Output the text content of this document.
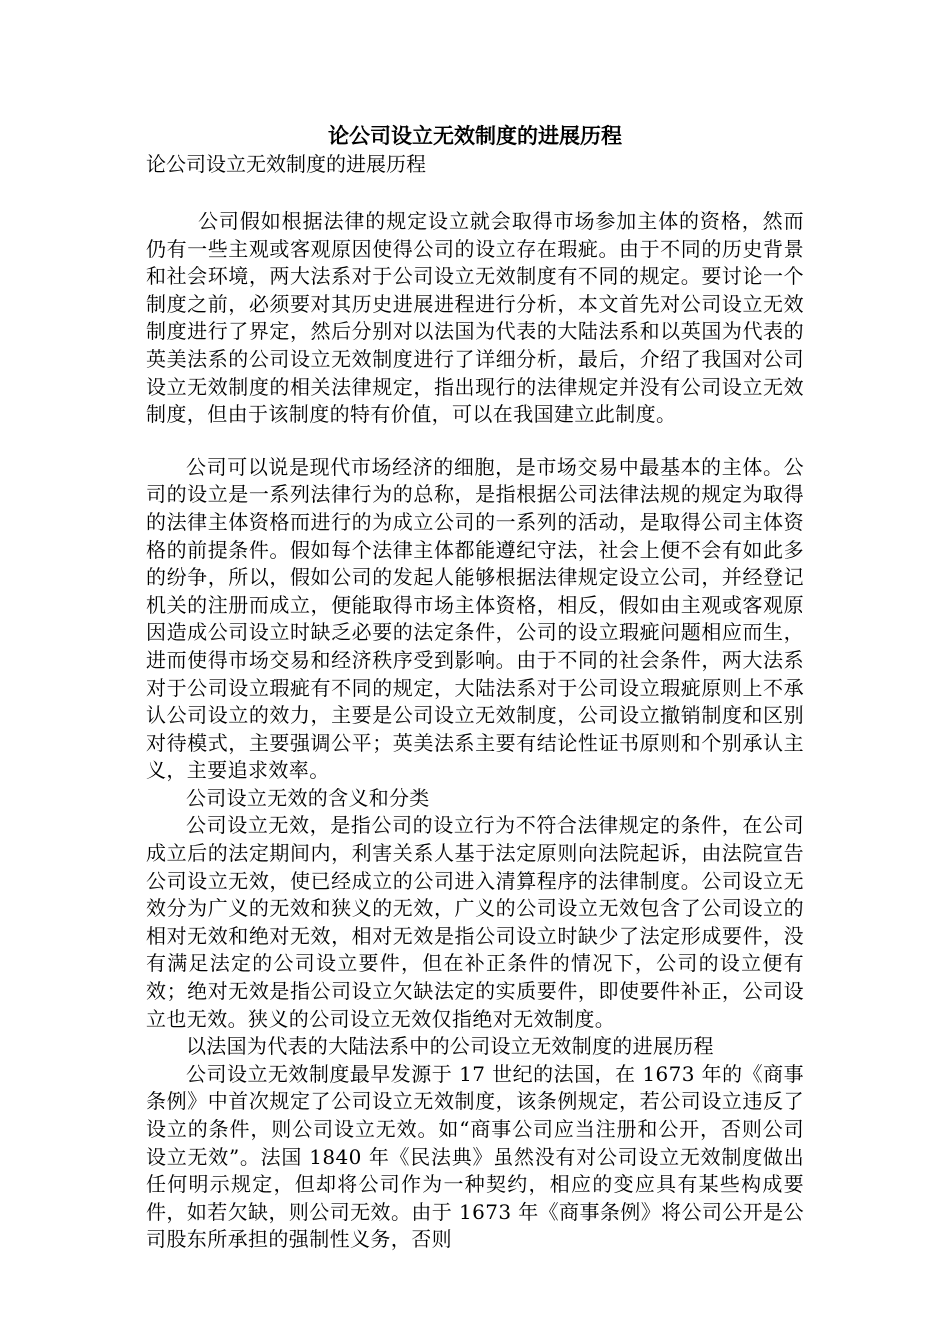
论公司设立无效制度的进展历程

论公司设立无效制度的进展历程

公司假如根据法律的规定设立就会取得市场参加主体的资格，然而仍有一些主观或客观原因使得公司的设立存在瑕疵。由于不同的历史背景和社会环境，两大法系对于公司设立无效制度有不同的规定。要讨论一个制度之前，必须要对其历史进展进程进行分析，本文首先对公司设立无效制度进行了界定，然后分别对以法国为代表的大陆法系和以英国为代表的英美法系的公司设立无效制度进行了详细分析，最后，介绍了我国对公司设立无效制度的相关法律规定，指出现行的法律规定并没有公司设立无效制度，但由于该制度的特有价值，可以在我国建立此制度。

公司可以说是现代市场经济的细胞，是市场交易中最基本的主体。公司的设立是一系列法律行为的总称，是指根据公司法律法规的规定为取得的法律主体资格而进行的为成立公司的一系列的活动，是取得公司主体资格的前提条件。假如每个法律主体都能遵纪守法，社会上便不会有如此多的纷争，所以，假如公司的发起人能够根据法律规定设立公司，并经登记机关的注册而成立，便能取得市场主体资格，相反，假如由主观或客观原因造成公司设立时缺乏必要的法定条件，公司的设立瑕疵问题相应而生，进而使得市场交易和经济秩序受到影响。由于不同的社会条件，两大法系对于公司设立瑕疵有不同的规定，大陆法系对于公司设立瑕疵原则上不承认公司设立的效力，主要是公司设立无效制度，公司设立撤销制度和区别对待模式，主要强调公平；英美法系主要有结论性证书原则和个别承认主义，主要追求效率。

公司设立无效的含义和分类

公司设立无效，是指公司的设立行为不符合法律规定的条件，在公司成立后的法定期间内，利害关系人基于法定原则向法院起诉，由法院宣告公司设立无效，使已经成立的公司进入清算程序的法律制度。公司设立无效分为广义的无效和狭义的无效，广义的公司设立无效包含了公司设立的相对无效和绝对无效，相对无效是指公司设立时缺少了法定形成要件，没有满足法定的公司设立要件，但在补正条件的情况下，公司的设立便有效；绝对无效是指公司设立欠缺法定的实质要件，即使要件补正，公司设立也无效。狭义的公司设立无效仅指绝对无效制度。

以法国为代表的大陆法系中的公司设立无效制度的进展历程

公司设立无效制度最早发源于 17 世纪的法国，在 1673 年的《商事条例》中首次规定了公司设立无效制度，该条例规定，若公司设立违反了设立的条件，则公司设立无效。如“商事公司应当注册和公开，否则公司设立无效”。法国 1840 年《民法典》虽然没有对公司设立无效制度做出任何明示规定，但却将公司作为一种契约，相应的变应具有某些构成要件，如若欠缺，则公司无效。由于 1673 年《商事条例》将公司公开是公司股东所承担的强制性义务，否则
